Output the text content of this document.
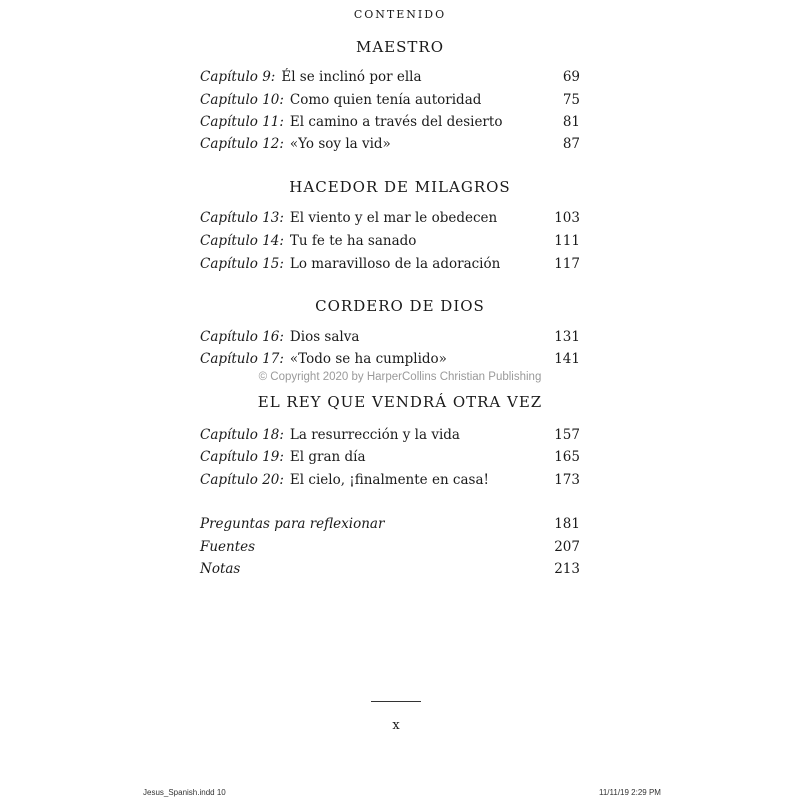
CONTENIDO
MAESTRO
Capítulo 9: Él se inclinó por ella	69
Capítulo 10: Como quien tenía autoridad	75
Capítulo 11: El camino a través del desierto	81
Capítulo 12: «Yo soy la vid»	87
HACEDOR DE MILAGROS
Capítulo 13: El viento y el mar le obedecen	103
Capítulo 14: Tu fe te ha sanado	111
Capítulo 15: Lo maravilloso de la adoración	117
CORDERO DE DIOS
Capítulo 16: Dios salva	131
Capítulo 17: «Todo se ha cumplido»	141
© Copyright 2020 by HarperCollins Christian Publishing
EL REY QUE VENDRÁ OTRA VEZ
Capítulo 18: La resurrección y la vida	157
Capítulo 19: El gran día	165
Capítulo 20: El cielo, ¡finalmente en casa!	173
Preguntas para reflexionar	181
Fuentes	207
Notas	213
x
Jesus_Spanish.indd 10	11/11/19 2:29 PM
